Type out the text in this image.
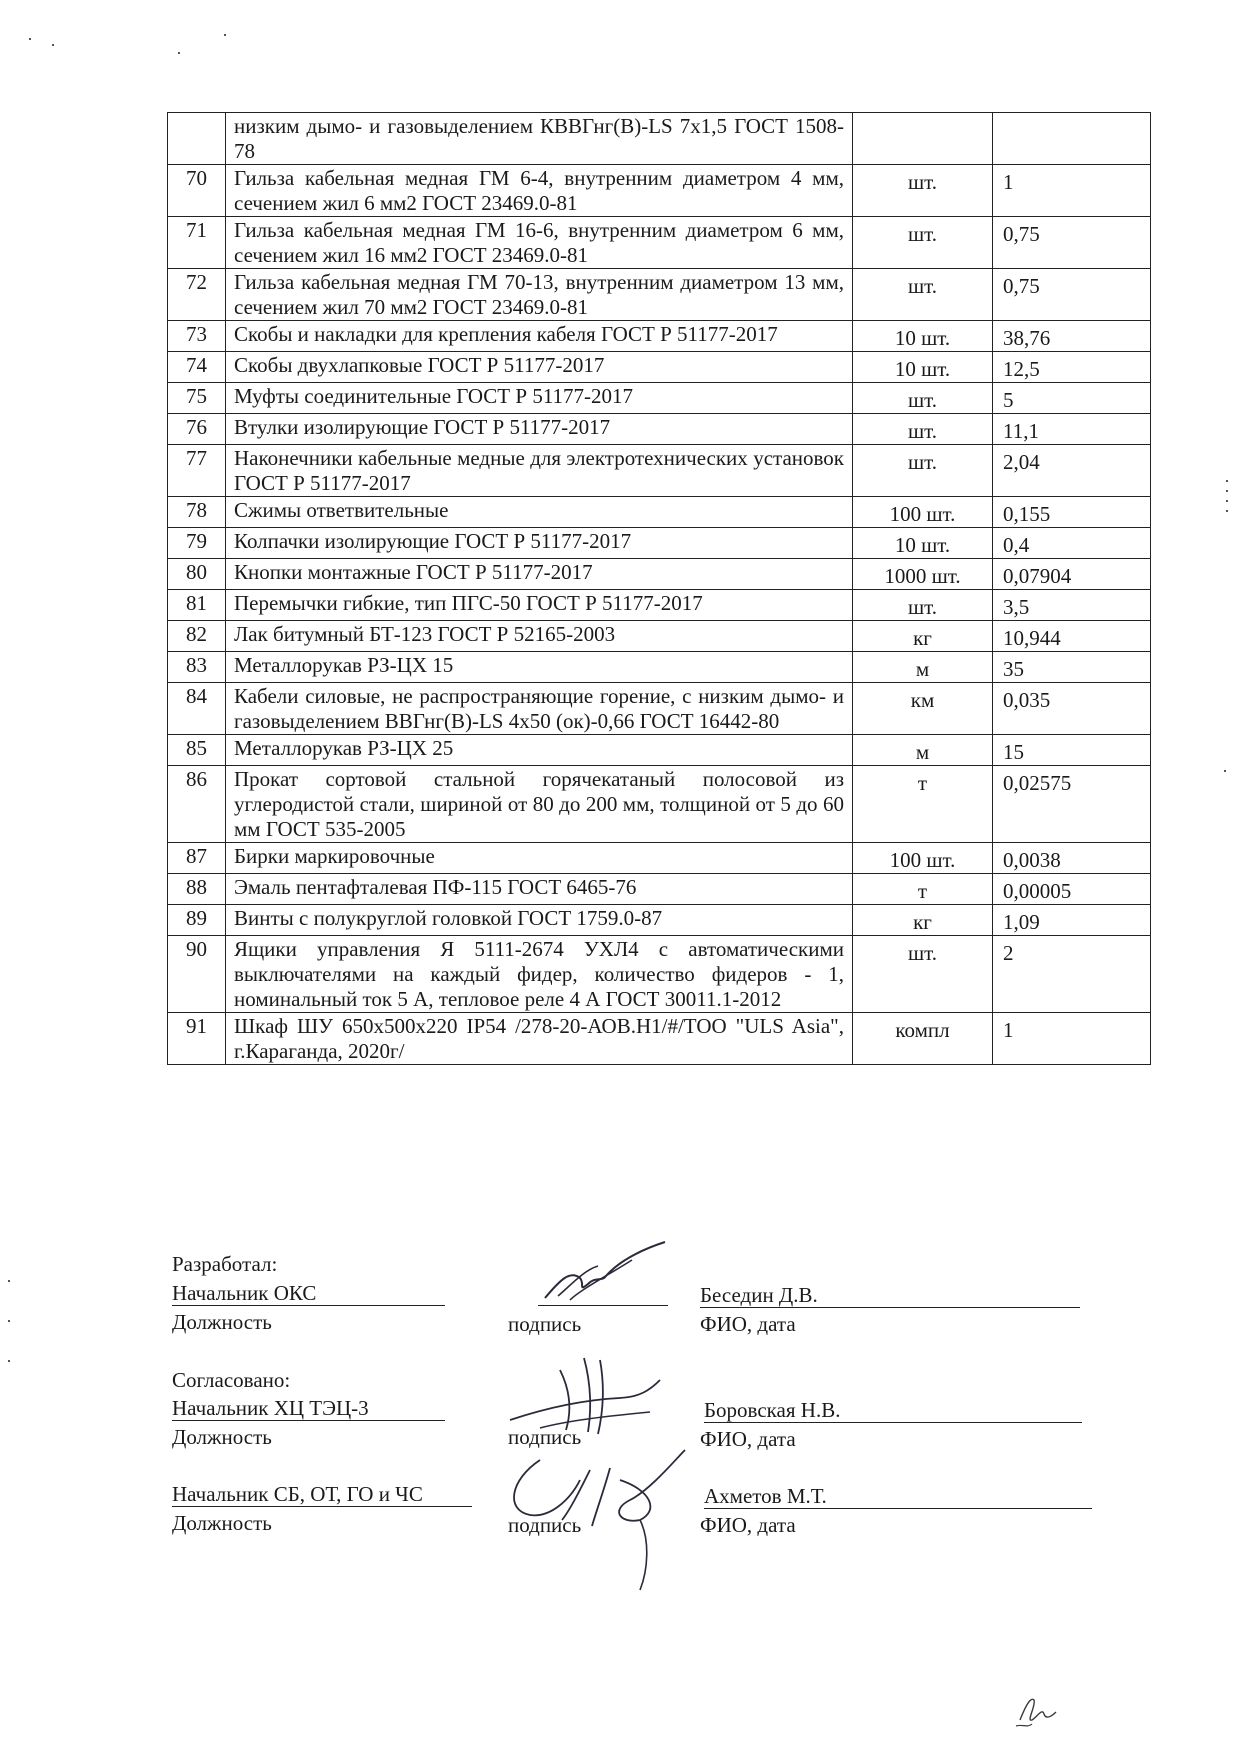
	низким дымо- и газовыделением КВВГнг(В)-LS 7х1,5 ГОСТ 1508-78		
70	Гильза кабельная медная ГМ 6-4, внутренним диаметром 4 мм, сечением жил 6 мм2 ГОСТ 23469.0-81	шт.	1
71	Гильза кабельная медная ГМ 16-6, внутренним диаметром 6 мм, сечением жил 16 мм2 ГОСТ 23469.0-81	шт.	0,75
72	Гильза кабельная медная ГМ 70-13, внутренним диаметром 13 мм, сечением жил 70 мм2 ГОСТ 23469.0-81	шт.	0,75
73	Скобы и накладки для крепления кабеля ГОСТ Р 51177-2017	10 шт.	38,76
74	Скобы двухлапковые ГОСТ Р 51177-2017	10 шт.	12,5
75	Муфты соединительные ГОСТ Р 51177-2017	шт.	5
76	Втулки изолирующие ГОСТ Р 51177-2017	шт.	11,1
77	Наконечники кабельные медные для электротехнических установок ГОСТ Р 51177-2017	шт.	2,04
78	Сжимы ответвительные	100 шт.	0,155
79	Колпачки изолирующие ГОСТ Р 51177-2017	10 шт.	0,4
80	Кнопки монтажные ГОСТ Р 51177-2017	1000 шт.	0,07904
81	Перемычки гибкие, тип ПГС-50 ГОСТ Р 51177-2017	шт.	3,5
82	Лак битумный БТ-123 ГОСТ Р 52165-2003	кг	10,944
83	Металлорукав РЗ-ЦХ 15	м	35
84	Кабели силовые, не распространяющие горение, с низким дымо- и газовыделением ВВГнг(В)-LS 4х50 (ок)-0,66 ГОСТ 16442-80	км	0,035
85	Металлорукав РЗ-ЦХ 25	м	15
86	Прокат сортовой стальной горячекатаный полосовой из углеродистой стали, шириной от 80 до 200 мм, толщиной от 5 до 60 мм ГОСТ 535-2005	т	0,02575
87	Бирки маркировочные	100 шт.	0,0038
88	Эмаль пентафталевая ПФ-115 ГОСТ 6465-76	т	0,00005
89	Винты с полукруглой головкой ГОСТ 1759.0-87	кг	1,09
90	Ящики управления Я 5111-2674 УХЛ4 с автоматическими выключателями на каждый фидер, количество фидеров - 1, номинальный ток 5 А, тепловое реле 4 А ГОСТ 30011.1-2012	шт.	2
91	Шкаф ШУ 650х500х220 IP54 /278-20-АОВ.Н1/#/ТОО "ULS Asia", г.Караганда, 2020г/	компл	1
Разработал:
Начальник ОКС
Должность	подпись
Беседин Д.В.
ФИО, дата
Согласовано:
Начальник ХЦ ТЭЦ-3
Должность	подпись
Боровская Н.В.
ФИО, дата
Начальник СБ, ОТ, ГО и ЧС
Должность	подпись
Ахметов М.Т.
ФИО, дата
